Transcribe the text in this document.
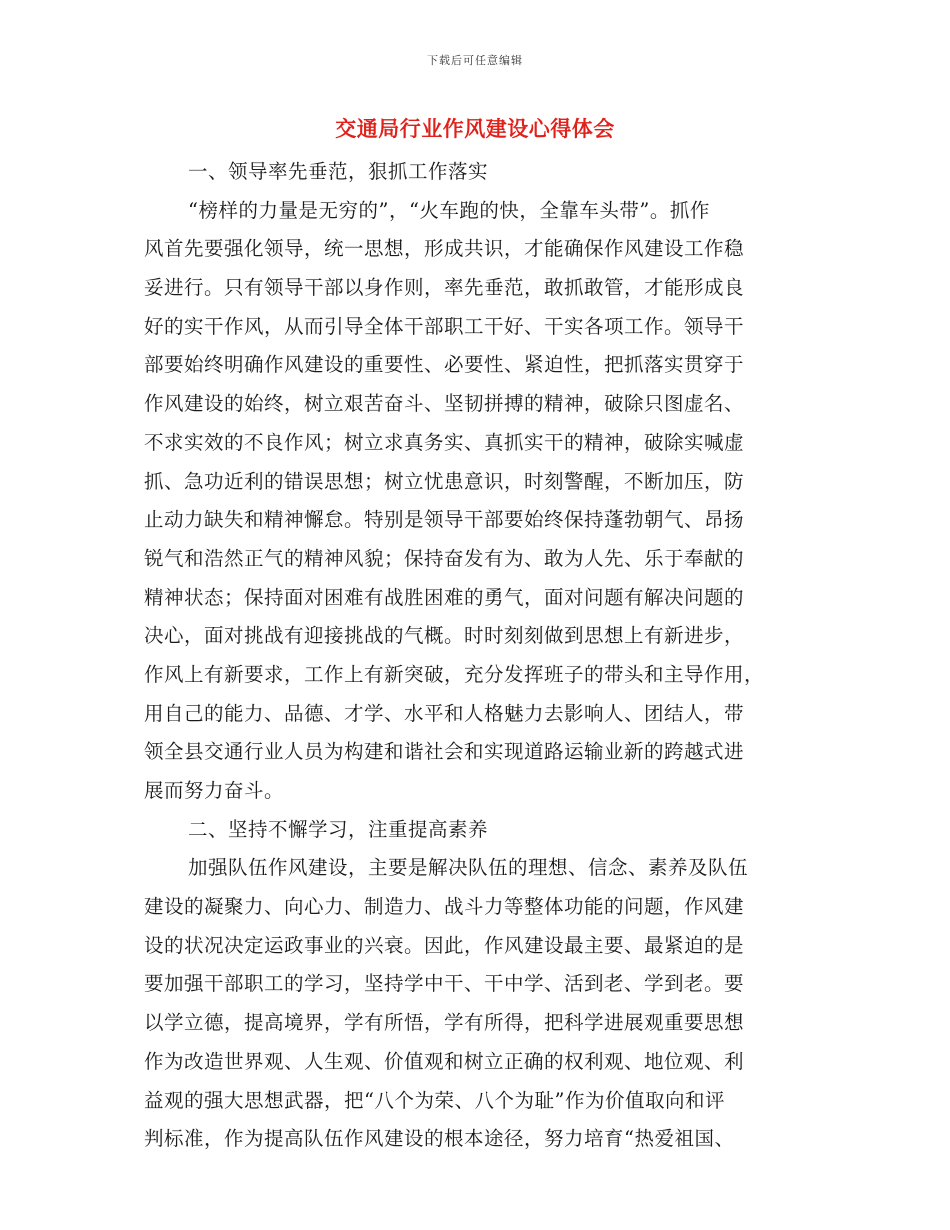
下载后可任意编辑
交通局行业作风建设心得体会
一、领导率先垂范，狠抓工作落实
“榜样的力量是无穷的”，“火车跑的快，全靠车头带”。抓作
风首先要强化领导，统一思想，形成共识，才能确保作风建设工作稳
妥进行。只有领导干部以身作则，率先垂范，敢抓敢管，才能形成良
好的实干作风，从而引导全体干部职工干好、干实各项工作。领导干
部要始终明确作风建设的重要性、必要性、紧迫性，把抓落实贯穿于
作风建设的始终，树立艰苦奋斗、坚韧拼搏的精神，破除只图虚名、
不求实效的不良作风；树立求真务实、真抓实干的精神，破除实喊虚
抓、急功近利的错误思想；树立忧患意识，时刻警醒，不断加压，防
止动力缺失和精神懈怠。特别是领导干部要始终保持蓬勃朝气、昂扬
锐气和浩然正气的精神风貌；保持奋发有为、敢为人先、乐于奉献的
精神状态；保持面对困难有战胜困难的勇气，面对问题有解决问题的
决心，面对挑战有迎接挑战的气概。时时刻刻做到思想上有新进步，
作风上有新要求，工作上有新突破，充分发挥班子的带头和主导作用，
用自己的能力、品德、才学、水平和人格魅力去影响人、团结人，带
领全县交通行业人员为构建和谐社会和实现道路运输业新的跨越式进
展而努力奋斗。
二、坚持不懈学习，注重提高素养
加强队伍作风建设，主要是解决队伍的理想、信念、素养及队伍
建设的凝聚力、向心力、制造力、战斗力等整体功能的问题，作风建
设的状况决定运政事业的兴衰。因此，作风建设最主要、最紧迫的是
要加强干部职工的学习，坚持学中干、干中学、活到老、学到老。要
以学立德，提高境界，学有所悟，学有所得，把科学进展观重要思想
作为改造世界观、人生观、价值观和树立正确的权利观、地位观、利
益观的强大思想武器，把“八个为荣、八个为耻”作为价值取向和评
判标准，作为提高队伍作风建设的根本途径，努力培育“热爱祖国、
